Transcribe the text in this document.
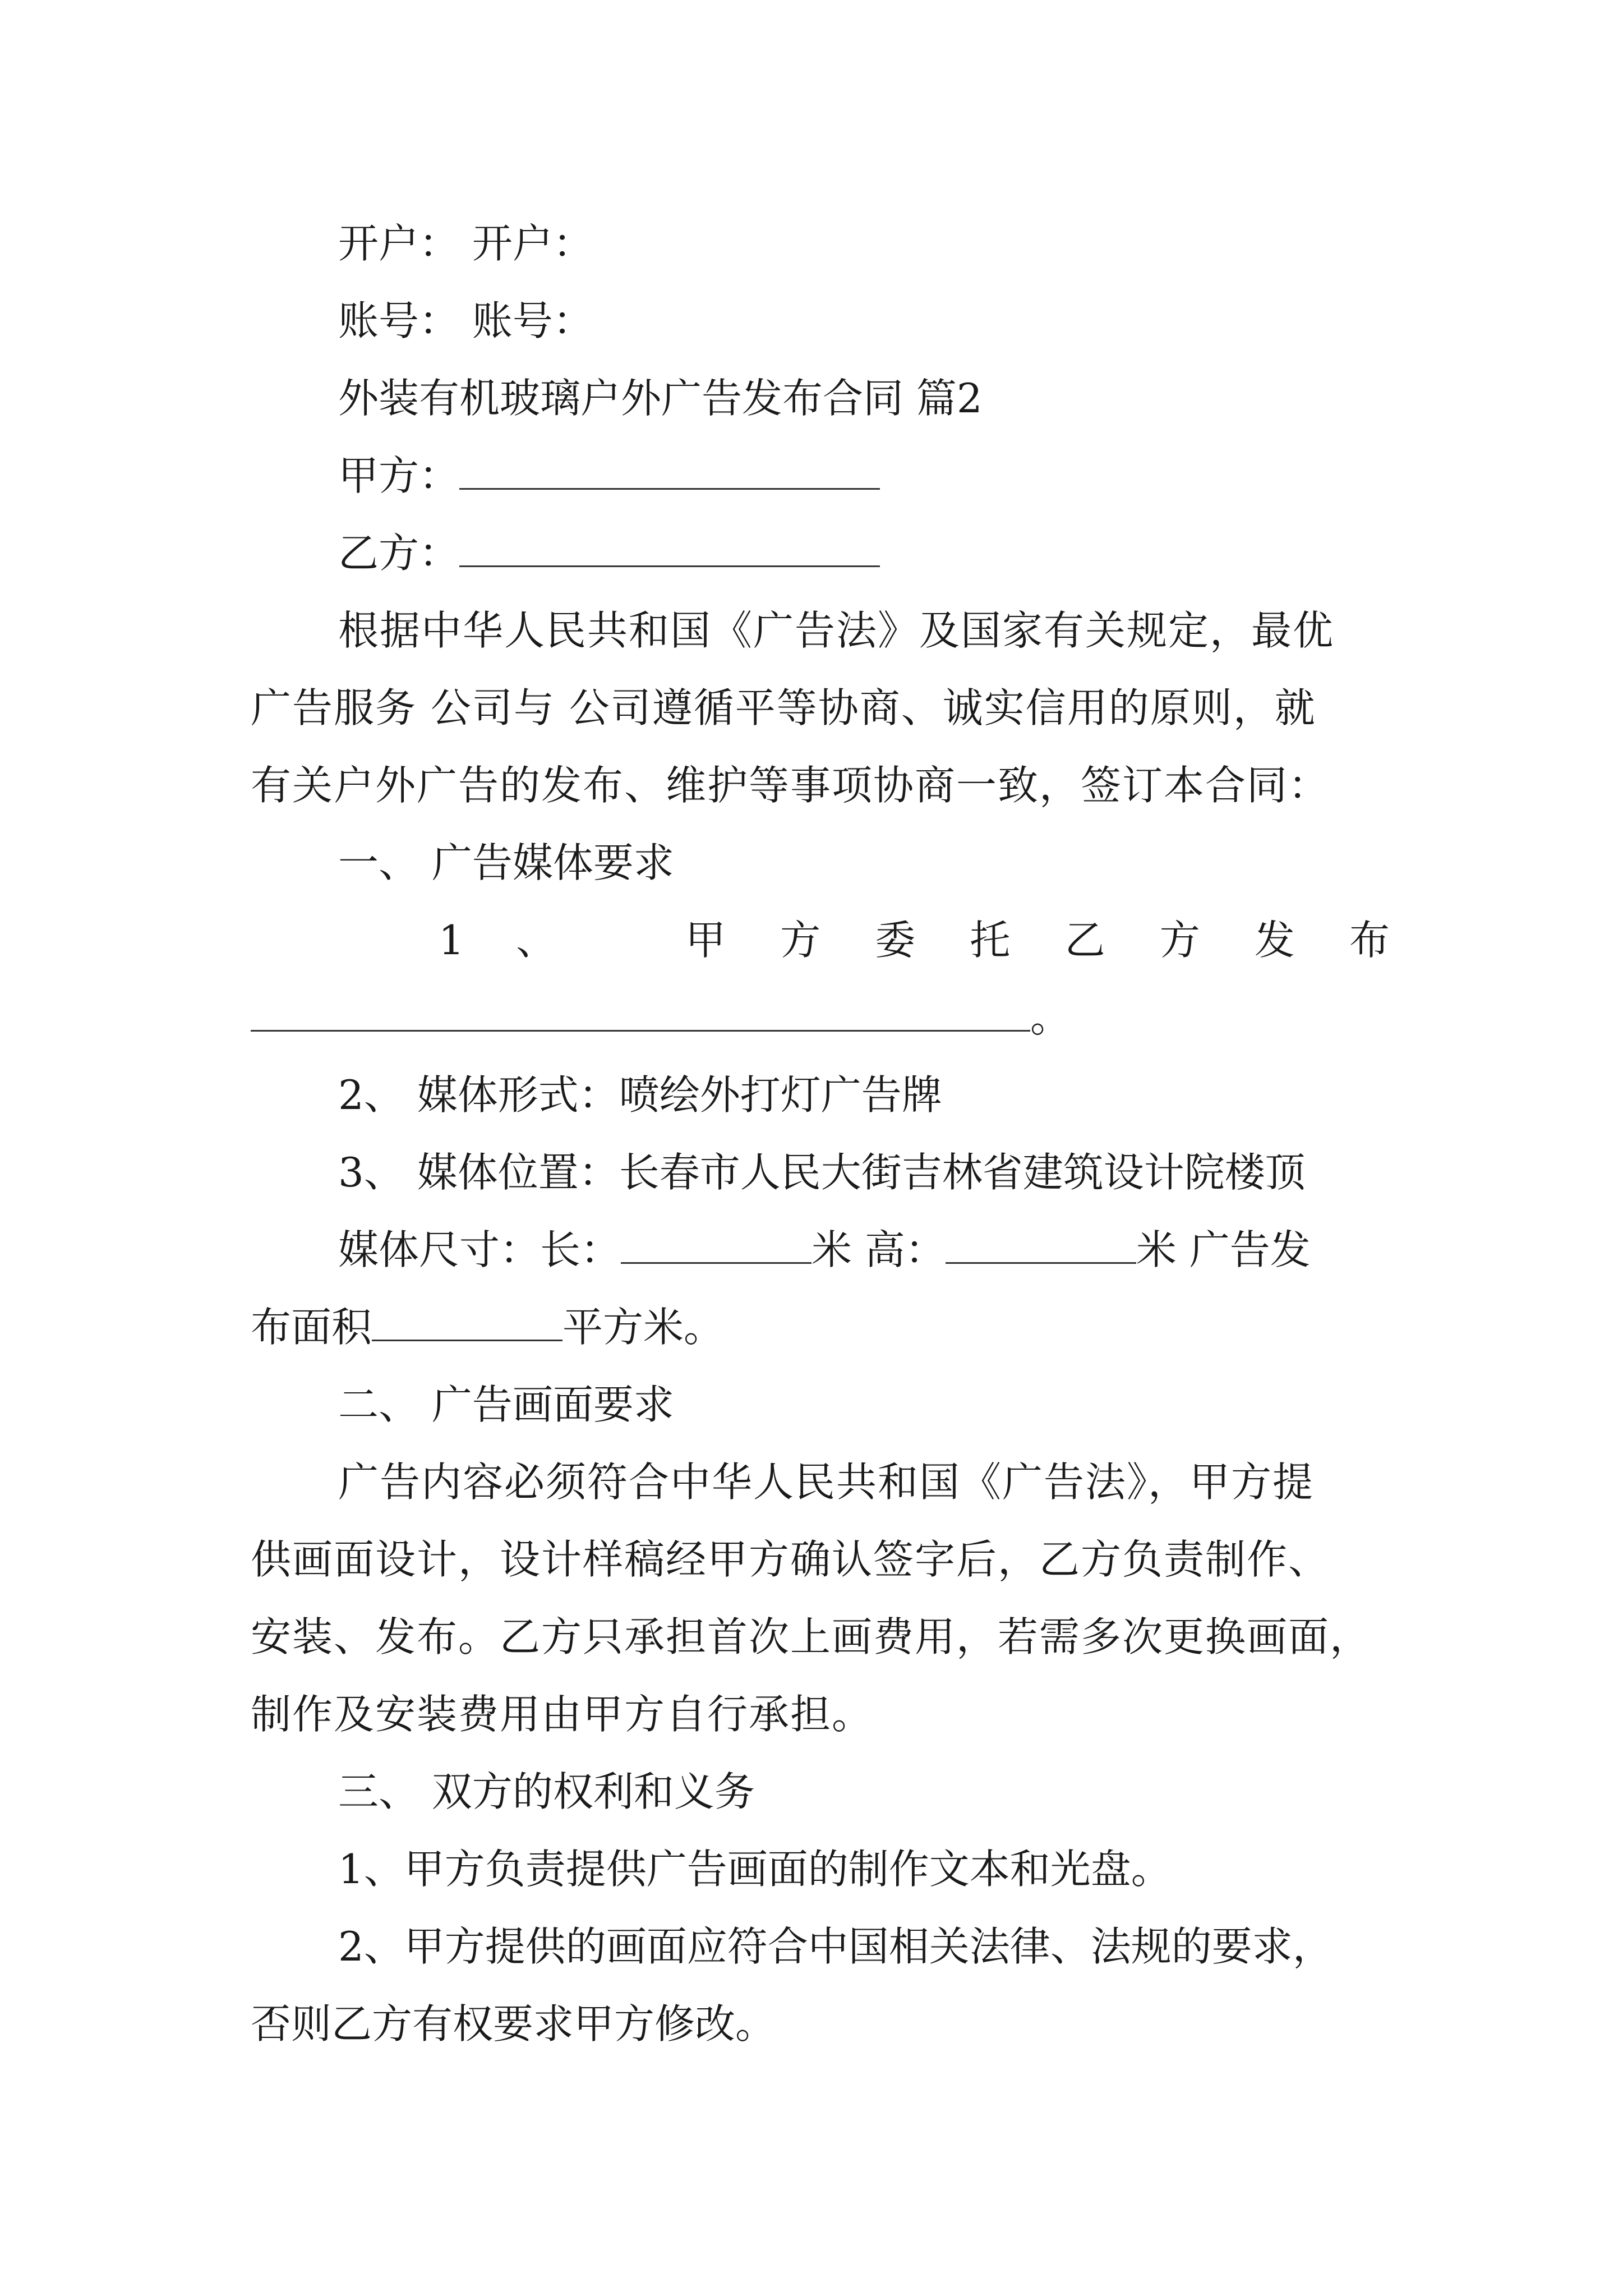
开户： 开户：
账号： 账号：
外装有机玻璃户外广告发布合同 篇2
甲方：
乙方：
根据中华人民共和国《广告法》及国家有关规定，最优
广告服务 公司与 公司遵循平等协商、诚实信用的原则，就
有关户外广告的发布、维护等事项协商一致，签订本合同：
一、 广告媒体要求
1 、	甲 方 委 托 乙 方 发 布
。
2、 媒体形式：喷绘外打灯广告牌
3、 媒体位置：长春市人民大街吉林省建筑设计院楼顶
媒体尺寸：长：	米 高：	米 广告发
布面积	平方米。
二、 广告画面要求
广告内容必须符合中华人民共和国《广告法》，甲方提
供画面设计，设计样稿经甲方确认签字后，乙方负责制作、
安装、发布。乙方只承担首次上画费用，若需多次更换画面，
制作及安装费用由甲方自行承担。
三、 双方的权利和义务
1、甲方负责提供广告画面的制作文本和光盘。
2、甲方提供的画面应符合中国相关法律、法规的要求，
否则乙方有权要求甲方修改。
